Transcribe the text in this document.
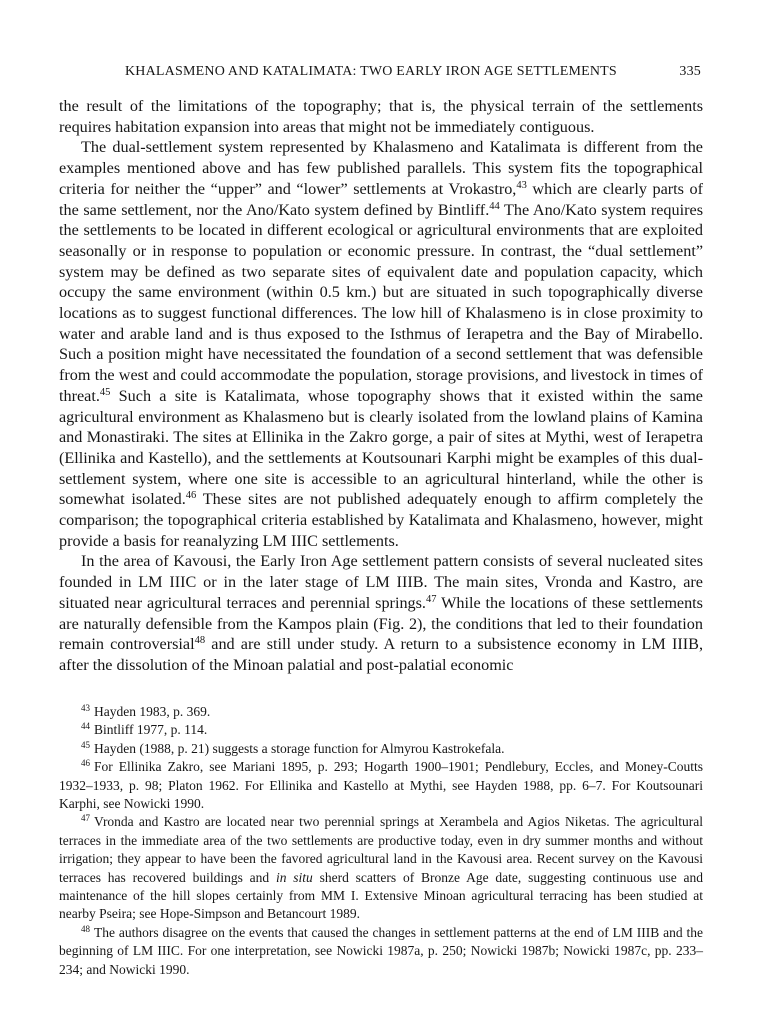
KHALASMENO AND KATALIMATA: TWO EARLY IRON AGE SETTLEMENTS	335

the result of the limitations of the topography; that is, the physical terrain of the settlements requires habitation expansion into areas that might not be immediately contiguous.

The dual-settlement system represented by Khalasmeno and Katalimata is different from the examples mentioned above and has few published parallels. This system fits the topographical criteria for neither the “upper” and “lower” settlements at Vrokastro,$^{43}$ which are clearly parts of the same settlement, nor the Ano/Kato system defined by Bintliff.$^{44}$ The Ano/Kato system requires the settlements to be located in different ecological or agricultural environments that are exploited seasonally or in response to population or economic pressure. In contrast, the “dual settlement” system may be defined as two separate sites of equivalent date and population capacity, which occupy the same environment (within 0.5 km.) but are situated in such topographically diverse locations as to suggest functional differences. The low hill of Khalasmeno is in close proximity to water and arable land and is thus exposed to the Isthmus of Ierapetra and the Bay of Mirabello. Such a position might have necessitated the foundation of a second settlement that was defensible from the west and could accommodate the population, storage provisions, and livestock in times of threat.$^{45}$ Such a site is Katalimata, whose topography shows that it existed within the same agricultural environment as Khalasmeno but is clearly isolated from the lowland plains of Kamina and Monastiraki. The sites at Ellinika in the Zakro gorge, a pair of sites at Mythi, west of Ierapetra (Ellinika and Kastello), and the settlements at Koutsounari Karphi might be examples of this dual-settlement system, where one site is accessible to an agricultural hinterland, while the other is somewhat isolated.$^{46}$ These sites are not published adequately enough to affirm completely the comparison; the topographical criteria established by Katalimata and Khalasmeno, however, might provide a basis for reanalyzing LM IIIC settlements.

In the area of Kavousi, the Early Iron Age settlement pattern consists of several nucleated sites founded in LM IIIC or in the later stage of LM IIIB. The main sites, Vronda and Kastro, are situated near agricultural terraces and perennial springs.$^{47}$ While the locations of these settlements are naturally defensible from the Kampos plain (Fig. 2), the conditions that led to their foundation remain controversial$^{48}$ and are still under study. A return to a subsistence economy in LM IIIB, after the dissolution of the Minoan palatial and post-palatial economic

$^{43}$ Hayden 1983, p. 369.

$^{44}$ Bintliff 1977, p. 114.

$^{45}$ Hayden (1988, p. 21) suggests a storage function for Almyrou Kastrokefala.

$^{46}$ For Ellinika Zakro, see Mariani 1895, p. 293; Hogarth 1900–1901; Pendlebury, Eccles, and Money-Coutts 1932–1933, p. 98; Platon 1962. For Ellinika and Kastello at Mythi, see Hayden 1988, pp. 6–7. For Koutsounari Karphi, see Nowicki 1990.

$^{47}$ Vronda and Kastro are located near two perennial springs at Xerambela and Agios Niketas. The agricultural terraces in the immediate area of the two settlements are productive today, even in dry summer months and without irrigation; they appear to have been the favored agricultural land in the Kavousi area. Recent survey on the Kavousi terraces has recovered buildings and in situ sherd scatters of Bronze Age date, suggesting continuous use and maintenance of the hill slopes certainly from MM I. Extensive Minoan agricultural terracing has been studied at nearby Pseira; see Hope-Simpson and Betancourt 1989.

$^{48}$ The authors disagree on the events that caused the changes in settlement patterns at the end of LM IIIB and the beginning of LM IIIC. For one interpretation, see Nowicki 1987a, p. 250; Nowicki 1987b; Nowicki 1987c, pp. 233–234; and Nowicki 1990.
